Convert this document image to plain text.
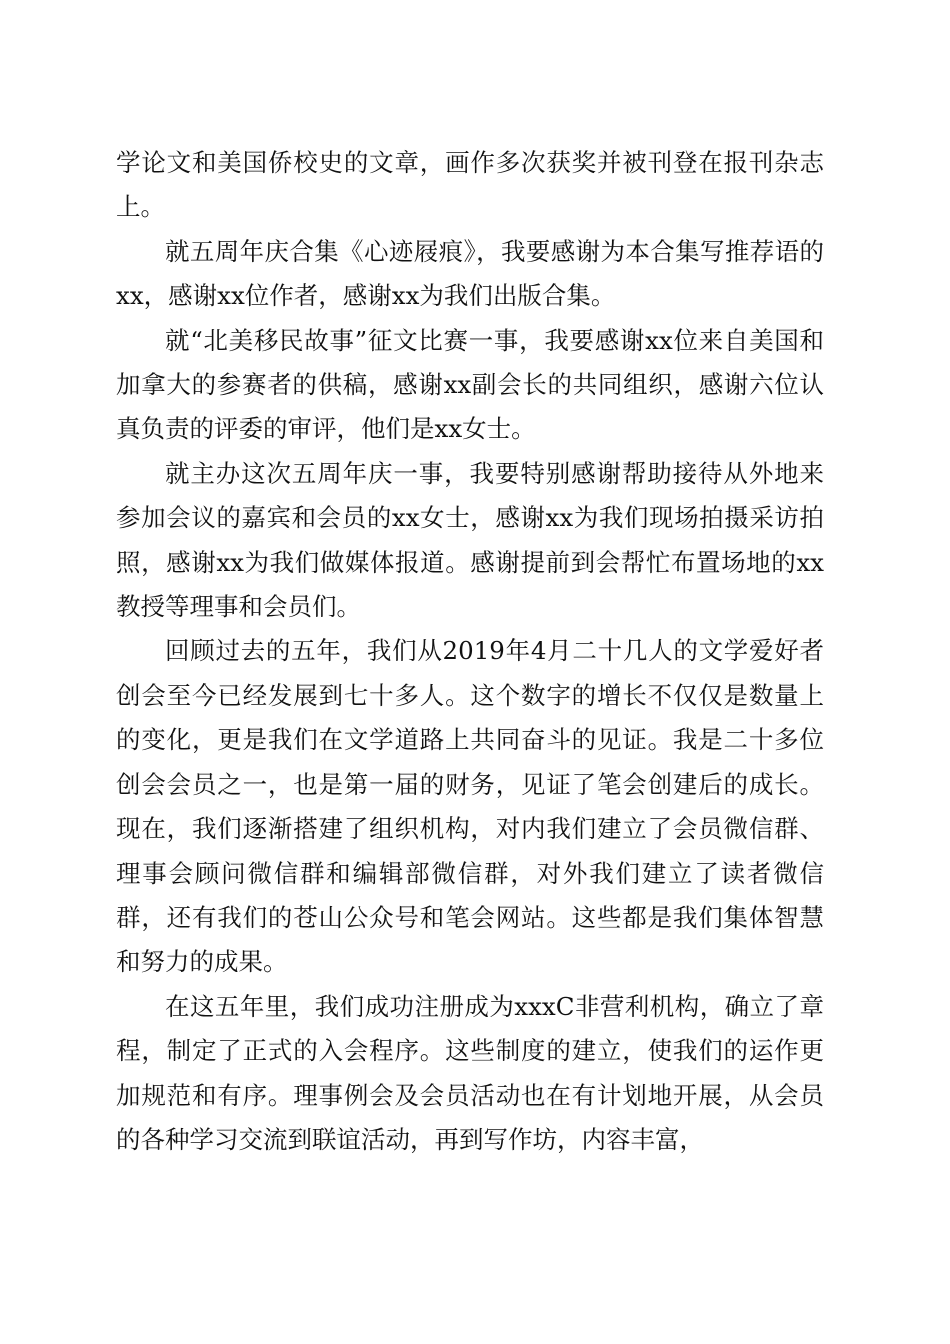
学论文和美国侨校史的文章，画作多次获奖并被刊登在报刊杂志上。

就五周年庆合集《心迹屐痕》，我要感谢为本合集写推荐语的xx，感谢xx位作者，感谢xx为我们出版合集。

就“北美移民故事”征文比赛一事，我要感谢xx位来自美国和加拿大的参赛者的供稿，感谢xx副会长的共同组织，感谢六位认真负责的评委的审评，他们是xx女士。

就主办这次五周年庆一事，我要特别感谢帮助接待从外地来参加会议的嘉宾和会员的xx女士，感谢xx为我们现场拍摄采访拍照，感谢xx为我们做媒体报道。感谢提前到会帮忙布置场地的xx教授等理事和会员们。

回顾过去的五年，我们从2019年4月二十几人的文学爱好者创会至今已经发展到七十多人。这个数字的增长不仅仅是数量上的变化，更是我们在文学道路上共同奋斗的见证。我是二十多位创会会员之一，也是第一届的财务，见证了笔会创建后的成长。现在，我们逐渐搭建了组织机构，对内我们建立了会员微信群、理事会顾问微信群和编辑部微信群，对外我们建立了读者微信群，还有我们的苍山公众号和笔会网站。这些都是我们集体智慧和努力的成果。

在这五年里，我们成功注册成为xxxC非营利机构，确立了章程，制定了正式的入会程序。这些制度的建立，使我们的运作更加规范和有序。理事例会及会员活动也在有计划地开展，从会员的各种学习交流到联谊活动，再到写作坊，内容丰富，
